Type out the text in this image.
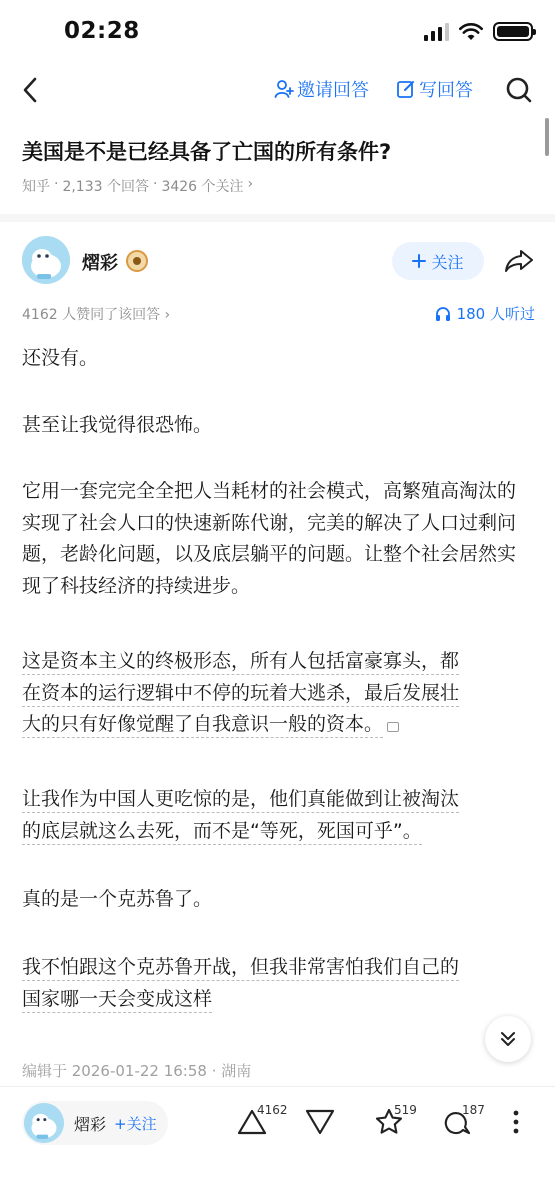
02:28
邀请回答	写回答
美国是不是已经具备了亡国的所有条件?
知乎 · 2,133 个回答 · 3426 个关注 ›
熠彩	关注
4162 人赞同了该回答 ›	180 人听过
还没有。
甚至让我觉得很恐怖。
它用一套完完全全把人当耗材的社会模式，高繁殖高淘汰的实现了社会人口的快速新陈代谢，完美的解决了人口过剩问题，老龄化问题，以及底层躺平的问题。让整个社会居然实现了科技经济的持续进步。
这是资本主义的终极形态，所有人包括富豪寡头，都
在资本的运行逻辑中不停的玩着大逃杀，最后发展壮
大的只有好像觉醒了自我意识一般的资本。
让我作为中国人更吃惊的是，他们真能做到让被淘汰
的底层就这么去死，而不是“等死，死国可乎”。
真的是一个克苏鲁了。
我不怕跟这个克苏鲁开战，但我非常害怕我们自己的
国家哪一天会变成这样
编辑于 2026-01-22 16:58 · 湖南
熠彩 +关注
4162	519	187
